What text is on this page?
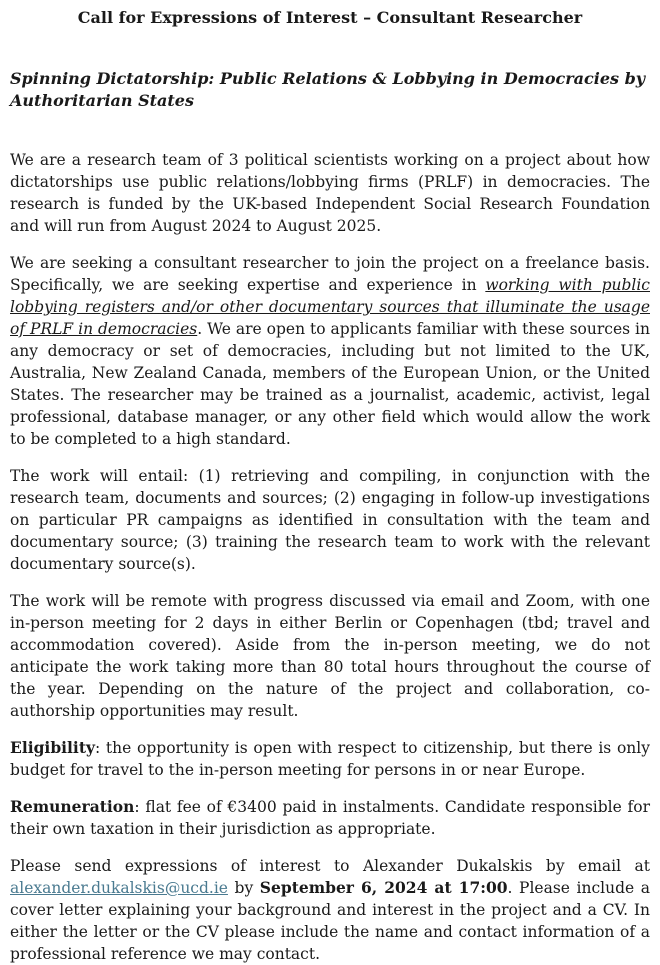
Call for Expressions of Interest – Consultant Researcher
Spinning Dictatorship: Public Relations & Lobbying in Democracies by Authoritarian States

We are a research team of 3 political scientists working on a project about how dictatorships use public relations/lobbying firms (PRLF) in democracies. The research is funded by the UK-based Independent Social Research Foundation and will run from August 2024 to August 2025.

We are seeking a consultant researcher to join the project on a freelance basis. Specifically, we are seeking expertise and experience in working with public lobbying registers and/or other documentary sources that illuminate the usage of PRLF in democracies. We are open to applicants familiar with these sources in any democracy or set of democracies, including but not limited to the UK, Australia, New Zealand Canada, members of the European Union, or the United States. The researcher may be trained as a journalist, academic, activist, legal professional, database manager, or any other field which would allow the work to be completed to a high standard.

The work will entail: (1) retrieving and compiling, in conjunction with the research team, documents and sources; (2) engaging in follow-up investigations on particular PR campaigns as identified in consultation with the team and documentary source; (3) training the research team to work with the relevant documentary source(s).

The work will be remote with progress discussed via email and Zoom, with one in-person meeting for 2 days in either Berlin or Copenhagen (tbd; travel and accommodation covered). Aside from the in-person meeting, we do not anticipate the work taking more than 80 total hours throughout the course of the year. Depending on the nature of the project and collaboration, co-authorship opportunities may result.

Eligibility: the opportunity is open with respect to citizenship, but there is only budget for travel to the in-person meeting for persons in or near Europe.

Remuneration: flat fee of €3400 paid in instalments. Candidate responsible for their own taxation in their jurisdiction as appropriate.

Please send expressions of interest to Alexander Dukalskis by email at alexander.dukalskis@ucd.ie by September 6, 2024 at 17:00. Please include a cover letter explaining your background and interest in the project and a CV. In either the letter or the CV please include the name and contact information of a professional reference we may contact.
